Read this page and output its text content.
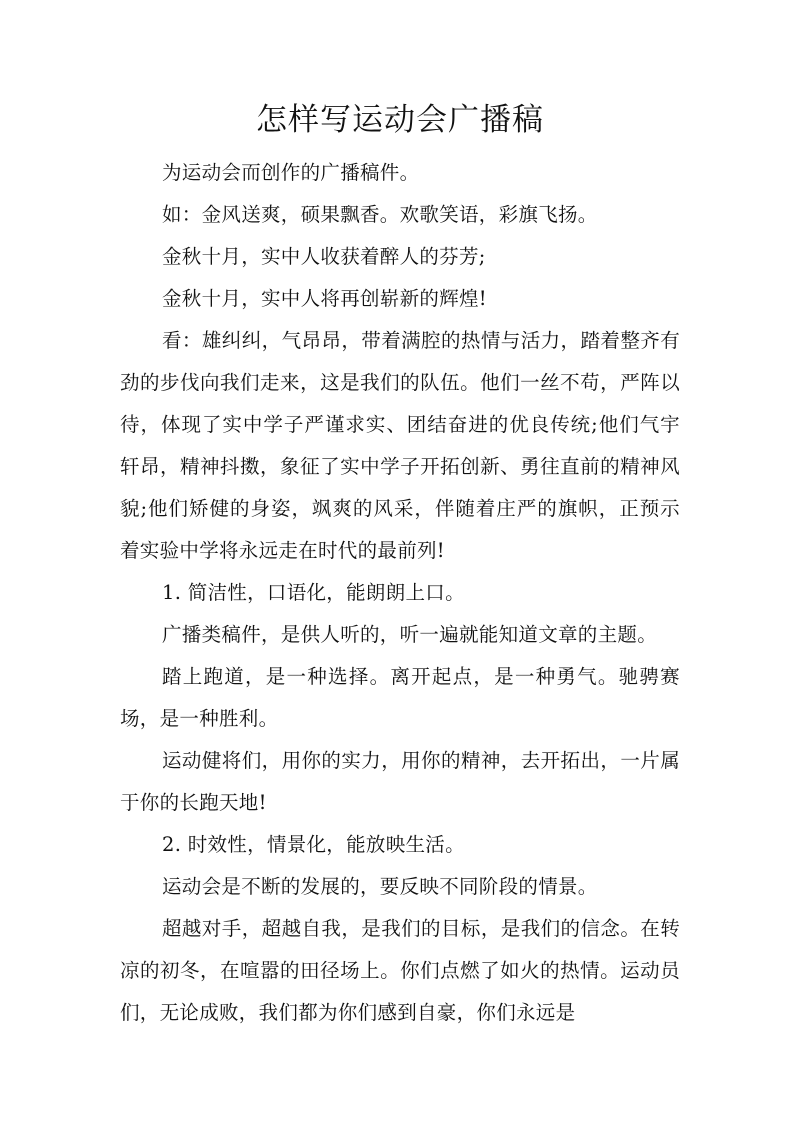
怎样写运动会广播稿

为运动会而创作的广播稿件。

如：金风送爽，硕果飘香。欢歌笑语，彩旗飞扬。

金秋十月，实中人收获着醉人的芬芳;

金秋十月，实中人将再创崭新的辉煌!

看：雄纠纠，气昂昂，带着满腔的热情与活力，踏着整齐有劲的步伐向我们走来，这是我们的队伍。他们一丝不苟，严阵以待，体现了实中学子严谨求实、团结奋进的优良传统;他们气宇轩昂，精神抖擞，象征了实中学子开拓创新、勇往直前的精神风貌;他们矫健的身姿，飒爽的风采，伴随着庄严的旗帜，正预示着实验中学将永远走在时代的最前列!

1. 简洁性，口语化，能朗朗上口。

广播类稿件，是供人听的，听一遍就能知道文章的主题。

踏上跑道，是一种选择。离开起点，是一种勇气。驰骋赛场，是一种胜利。

运动健将们，用你的实力，用你的精神，去开拓出，一片属于你的长跑天地!

2. 时效性，情景化，能放映生活。

运动会是不断的发展的，要反映不同阶段的情景。

超越对手，超越自我，是我们的目标，是我们的信念。在转凉的初冬，在喧嚣的田径场上。你们点燃了如火的热情。运动员们，无论成败，我们都为你们感到自豪，你们永远是
